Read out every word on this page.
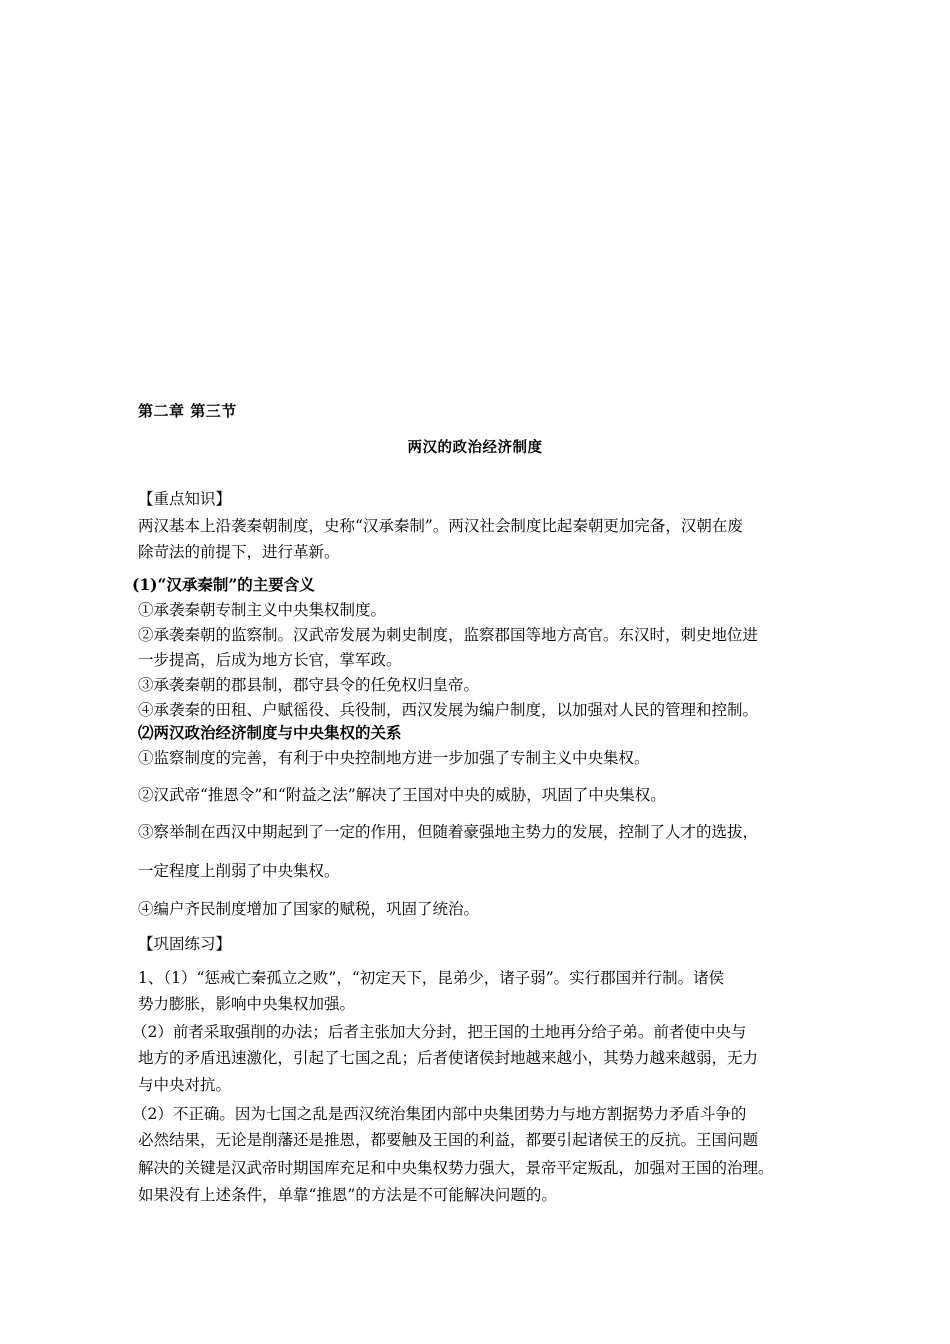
第二章 第三节
两汉的政治经济制度
【重点知识】
两汉基本上沿袭秦朝制度，史称“汉承秦制”。两汉社会制度比起秦朝更加完备，汉朝在废
除苛法的前提下，进行革新。
(1)“汉承秦制”的主要含义
①承袭秦朝专制主义中央集权制度。
②承袭秦朝的监察制。汉武帝发展为刺史制度，监察郡国等地方高官。东汉时，刺史地位进
一步提高，后成为地方长官，掌军政。
③承袭秦朝的郡县制，郡守县令的任免权归皇帝。
④承袭秦的田租、户赋徭役、兵役制，西汉发展为编户制度，以加强对人民的管理和控制。
⑵两汉政治经济制度与中央集权的关系
①监察制度的完善，有利于中央控制地方进一步加强了专制主义中央集权。
②汉武帝“推恩令”和“附益之法”解决了王国对中央的威胁，巩固了中央集权。
③察举制在西汉中期起到了一定的作用，但随着豪强地主势力的发展，控制了人才的选拔，
一定程度上削弱了中央集权。
④编户齐民制度增加了国家的赋税，巩固了统治。
【巩固练习】
1、（1）“惩戒亡秦孤立之败”，“初定天下，昆弟少，诸子弱”。实行郡国并行制。诸侯
势力膨胀，影响中央集权加强。
（2）前者采取强削的办法；后者主张加大分封，把王国的土地再分给子弟。前者使中央与
地方的矛盾迅速激化，引起了七国之乱；后者使诸侯封地越来越小，其势力越来越弱，无力
与中央对抗。
（2）不正确。因为七国之乱是西汉统治集团内部中央集团势力与地方割据势力矛盾斗争的
必然结果，无论是削藩还是推恩，都要触及王国的利益，都要引起诸侯王的反抗。王国问题
解决的关键是汉武帝时期国库充足和中央集权势力强大，景帝平定叛乱，加强对王国的治理。
如果没有上述条件，单靠“推恩”的方法是不可能解决问题的。
